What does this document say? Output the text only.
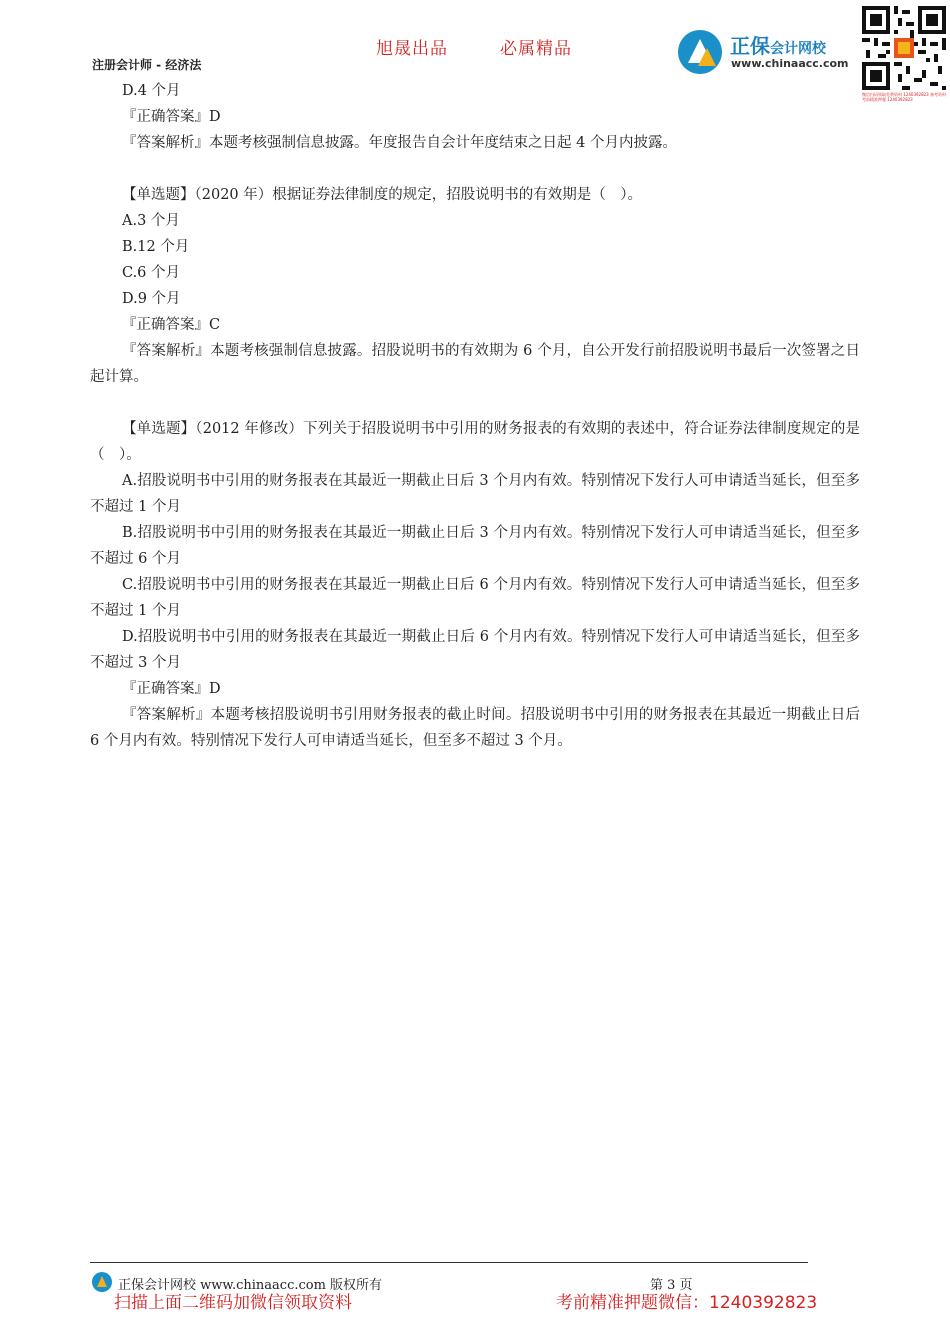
旭晟出品	必属精品
注册会计师 - 经济法
正保会计网校
www.chinaacc.com
微信扫码领取免费资料 1240392823 备考资料 考前精准押题 1240392823
D.4 个月
『正确答案』D
『答案解析』本题考核强制信息披露。年度报告自会计年度结束之日起 4 个月内披露。
【单选题】（2020 年）根据证券法律制度的规定，招股说明书的有效期是（　）。
A.3 个月
B.12 个月
C.6 个月
D.9 个月
『正确答案』C
『答案解析』本题考核强制信息披露。招股说明书的有效期为 6 个月，自公开发行前招股说明书最后一次签署之日起计算。
【单选题】（2012 年修改）下列关于招股说明书中引用的财务报表的有效期的表述中，符合证券法律制度规定的是（　）。
A.招股说明书中引用的财务报表在其最近一期截止日后 3 个月内有效。特别情况下发行人可申请适当延长，但至多不超过 1 个月
B.招股说明书中引用的财务报表在其最近一期截止日后 3 个月内有效。特别情况下发行人可申请适当延长，但至多不超过 6 个月
C.招股说明书中引用的财务报表在其最近一期截止日后 6 个月内有效。特别情况下发行人可申请适当延长，但至多不超过 1 个月
D.招股说明书中引用的财务报表在其最近一期截止日后 6 个月内有效。特别情况下发行人可申请适当延长，但至多不超过 3 个月
『正确答案』D
『答案解析』本题考核招股说明书引用财务报表的截止时间。招股说明书中引用的财务报表在其最近一期截止日后 6 个月内有效。特别情况下发行人可申请适当延长，但至多不超过 3 个月。
正保会计网校 www.chinaacc.com 版权所有	第 3 页
扫描上面二维码加微信领取资料	考前精准押题微信：1240392823
